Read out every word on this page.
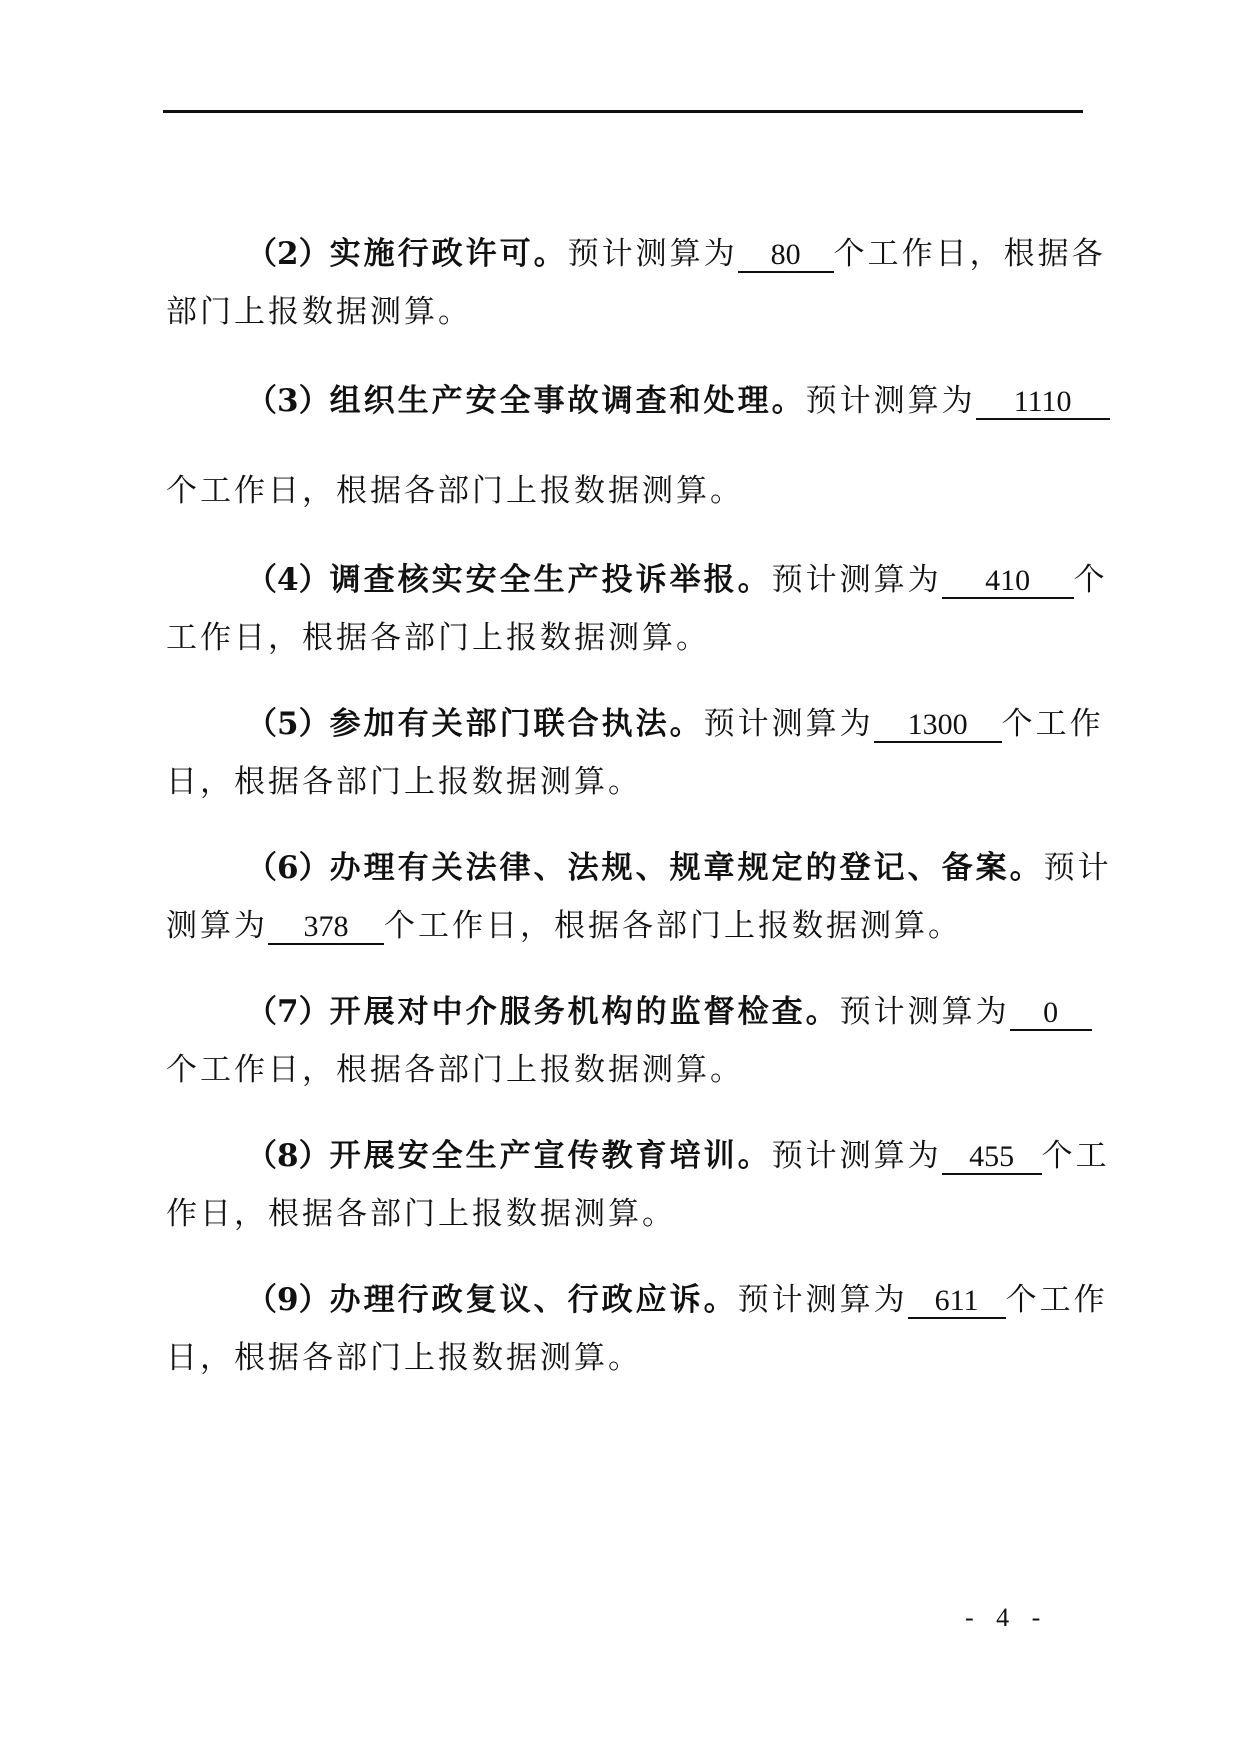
（2）实施行政许可。预计测算为 80 个工作日，根据各
部门上报数据测算。
（3）组织生产安全事故调查和处理。预计测算为 1110
个工作日，根据各部门上报数据测算。
（4）调查核实安全生产投诉举报。预计测算为 410 个
工作日，根据各部门上报数据测算。
（5）参加有关部门联合执法。预计测算为 1300 个工作
日，根据各部门上报数据测算。
（6）办理有关法律、法规、规章规定的登记、备案。预计
测算为 378 个工作日，根据各部门上报数据测算。
（7）开展对中介服务机构的监督检查。预计测算为 0
个工作日，根据各部门上报数据测算。
（8）开展安全生产宣传教育培训。预计测算为 455 个工
作日，根据各部门上报数据测算。
（9）办理行政复议、行政应诉。预计测算为 611 个工作
日，根据各部门上报数据测算。
- 4 -
